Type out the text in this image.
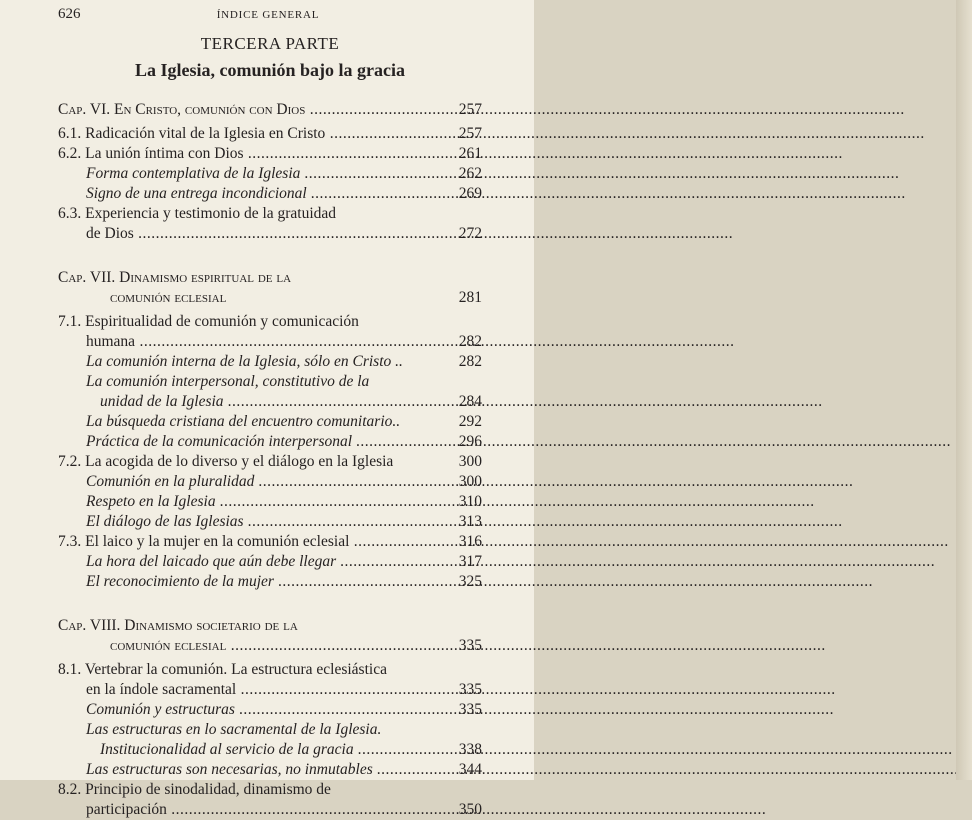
626	ÍNDICE GENERAL
TERCERA PARTE
La Iglesia, comunión bajo la gracia
Cap. VI. En Cristo, comunión con Dios .....	257
6.1. Radicación vital de la Iglesia en Cristo .....	257
6.2. La unión íntima con Dios .....	261
Forma contemplativa de la Iglesia .....	262
Signo de una entrega incondicional .....	269
6.3. Experiencia y testimonio de la gratuidad
de Dios .....	272
Cap. VII. Dinamismo espiritual de la
comunión eclesial	281
7.1. Espiritualidad de comunión y comunicación
humana .....	282
La comunión interna de la Iglesia, sólo en Cristo ..	282
La comunión interpersonal, constitutivo de la
unidad de la Iglesia .....	284
La búsqueda cristiana del encuentro comunitario..	292
Práctica de la comunicación interpersonal .....	296
7.2. La acogida de lo diverso y el diálogo en la Iglesia	300
Comunión en la pluralidad .....	300
Respeto en la Iglesia .....	310
El diálogo de las Iglesias .....	313
7.3. El laico y la mujer en la comunión eclesial .....	316
La hora del laicado que aún debe llegar .....	317
El reconocimiento de la mujer .....	325
Cap. VIII. Dinamismo societario de la
comunión eclesial .....	335
8.1. Vertebrar la comunión. La estructura eclesiástica
en la índole sacramental .....	335
Comunión y estructuras .....	335
Las estructuras en lo sacramental de la Iglesia.
Institucionalidad al servicio de la gracia .....	338
Las estructuras son necesarias, no inmutables .....	344
8.2. Principio de sinodalidad, dinamismo de
participación .....	350
